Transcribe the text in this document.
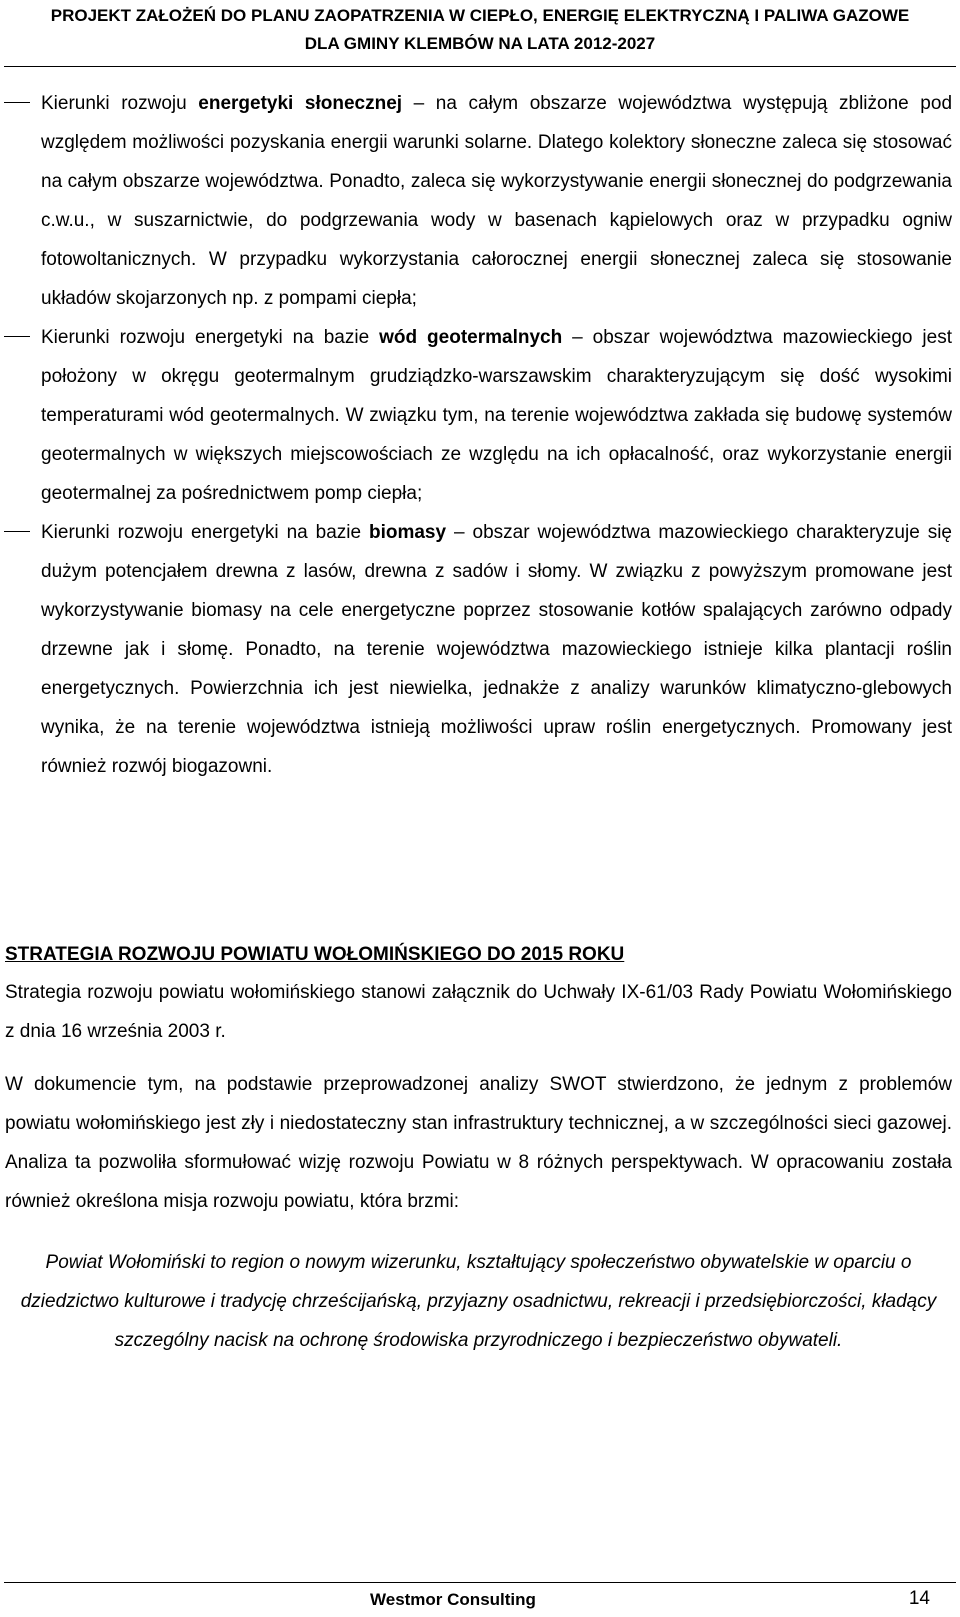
PROJEKT ZAŁOŻEŃ DO PLANU ZAOPATRZENIA W CIEPŁO, ENERGIĘ ELEKTRYCZNĄ I PALIWA GAZOWE
DLA GMINY KLEMBÓW NA LATA 2012-2027

Kierunki rozwoju energetyki słonecznej – na całym obszarze województwa występują zbliżone pod względem możliwości pozyskania energii warunki solarne. Dlatego kolektory słoneczne zaleca się stosować na całym obszarze województwa. Ponadto, zaleca się wykorzystywanie energii słonecznej do podgrzewania c.w.u., w suszarnictwie, do podgrzewania wody w basenach kąpielowych oraz w przypadku ogniw fotowoltanicznych. W przypadku wykorzystania całorocznej energii słonecznej zaleca się stosowanie układów skojarzonych np. z pompami ciepła;

Kierunki rozwoju energetyki na bazie wód geotermalnych – obszar województwa mazowieckiego jest położony w okręgu geotermalnym grudziądzko-warszawskim charakteryzującym się dość wysokimi temperaturami wód geotermalnych. W związku tym, na terenie województwa zakłada się budowę systemów geotermalnych w większych miejscowościach ze względu na ich opłacalność, oraz wykorzystanie energii geotermalnej za pośrednictwem pomp ciepła;

Kierunki rozwoju energetyki na bazie biomasy – obszar województwa mazowieckiego charakteryzuje się dużym potencjałem drewna z lasów, drewna z sadów i słomy. W związku z powyższym promowane jest wykorzystywanie biomasy na cele energetyczne poprzez stosowanie kotłów spalających zarówno odpady drzewne jak i słomę. Ponadto, na terenie województwa mazowieckiego istnieje kilka plantacji roślin energetycznych. Powierzchnia ich jest niewielka, jednakże z analizy warunków klimatyczno-glebowych wynika, że na terenie województwa istnieją możliwości upraw roślin energetycznych. Promowany jest również rozwój biogazowni.

STRATEGIA ROZWOJU POWIATU WOŁOMIŃSKIEGO DO 2015 ROKU

Strategia rozwoju powiatu wołomińskiego stanowi załącznik do Uchwały IX-61/03 Rady Powiatu Wołomińskiego z dnia 16 września 2003 r.

W dokumencie tym, na podstawie przeprowadzonej analizy SWOT stwierdzono, że jednym z problemów powiatu wołomińskiego jest zły i niedostateczny stan infrastruktury technicznej, a w szczególności sieci gazowej. Analiza ta pozwoliła sformułować wizję rozwoju Powiatu w 8 różnych perspektywach. W opracowaniu została również określona misja rozwoju powiatu, która brzmi:

Powiat Wołomiński to region o nowym wizerunku, kształtujący społeczeństwo obywatelskie w oparciu o dziedzictwo kulturowe i tradycję chrześcijańską, przyjazny osadnictwu, rekreacji i przedsiębiorczości, kładący szczególny nacisk na ochronę środowiska przyrodniczego i bezpieczeństwo obywateli.

Westmor Consulting	14
